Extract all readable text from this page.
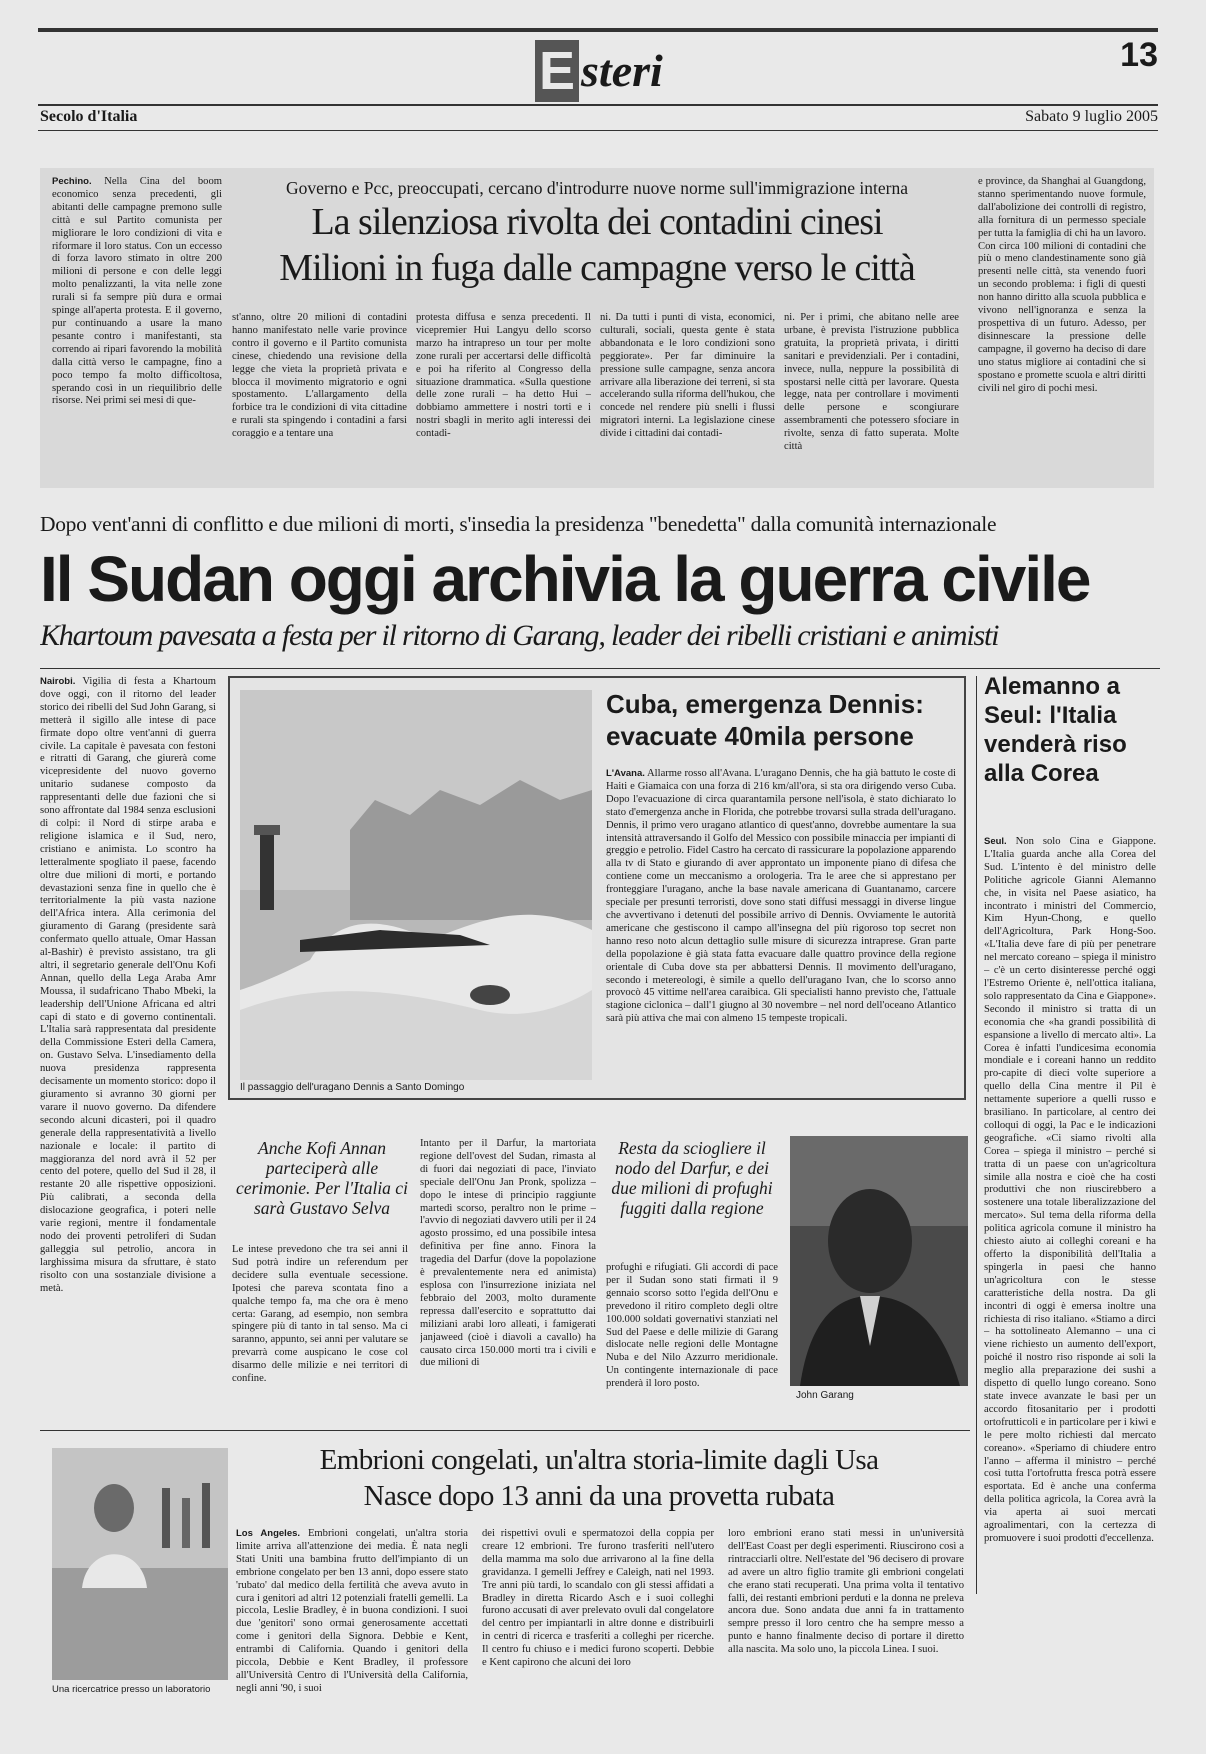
E steri	13
Secolo d'Italia	Sabato 9 luglio 2005
Pechino. Nella Cina del boom economico senza precedenti, gli abitanti delle campagne premono sulle città e sul Partito comunista per migliorare le loro condizioni di vita e riformare il loro status. Con un eccesso di forza lavoro stimato in oltre 200 milioni di persone e con delle leggi molto penalizzanti, la vita nelle zone rurali si fa sempre più dura e ormai spinge all'aperta protesta. E il governo, pur continuando a usare la mano pesante contro i manifestanti, sta correndo ai ripari favorendo la mobilità dalla città verso le campagne, fino a poco tempo fa molto difficoltosa, sperando così in un riequilibrio delle risorse. Nei primi sei mesi di que-
Governo e Pcc, preoccupati, cercano d'introdurre nuove norme sull'immigrazione interna
La silenziosa rivolta dei contadini cinesi
Milioni in fuga dalle campagne verso le città
st'anno, oltre 20 milioni di contadini hanno manifestato nelle varie province contro il governo e il Partito comunista cinese, chiedendo una revisione della legge che vieta la proprietà privata e blocca il movimento migratorio e ogni spostamento. L'allargamento della forbice tra le condizioni di vita cittadine e rurali sta spingendo i contadini a farsi coraggio e a tentare una
protesta diffusa e senza precedenti. Il vicepremier Hui Langyu dello scorso marzo ha intrapreso un tour per molte zone rurali per accertarsi delle difficoltà e poi ha riferito al Congresso della situazione drammatica. «Sulla questione delle zone rurali – ha detto Hui – dobbiamo ammettere i nostri torti e i nostri sbagli in merito agli interessi dei contadi-
ni. Da tutti i punti di vista, economici, culturali, sociali, questa gente è stata abbandonata e le loro condizioni sono peggiorate». Per far diminuire la pressione sulle campagne, senza ancora arrivare alla liberazione dei terreni, si sta accelerando sulla riforma dell'hukou, che concede nel rendere più snelli i flussi migratori interni. La legislazione cinese divide i cittadini dai contadi-
ni. Per i primi, che abitano nelle aree urbane, è prevista l'istruzione pubblica gratuita, la proprietà privata, i diritti sanitari e previdenziali. Per i contadini, invece, nulla, neppure la possibilità di spostarsi nelle città per lavorare. Questa legge, nata per controllare i movimenti delle persone e scongiurare assembramenti che potessero sfociare in rivolte, senza di fatto superata. Molte città
e province, da Shanghai al Guangdong, stanno sperimentando nuove formule, dall'abolizione dei controlli di registro, alla fornitura di un permesso speciale per tutta la famiglia di chi ha un lavoro. Con circa 100 milioni di contadini che più o meno clandestinamente sono già presenti nelle città, sta venendo fuori un secondo problema: i figli di questi non hanno diritto alla scuola pubblica e vivono nell'ignoranza e senza la prospettiva di un futuro. Adesso, per disinnescare la pressione delle campagne, il governo ha deciso di dare uno status migliore ai contadini che si spostano e promette scuola e altri diritti civili nel giro di pochi mesi.
Dopo vent'anni di conflitto e due milioni di morti, s'insedia la presidenza "benedetta" dalla comunità internazionale
Il Sudan oggi archivia la guerra civile
Khartoum pavesata a festa per il ritorno di Garang, leader dei ribelli cristiani e animisti
Nairobi. Vigilia di festa a Khartoum dove oggi, con il ritorno del leader storico dei ribelli del Sud John Garang, si metterà il sigillo alle intese di pace firmate dopo oltre vent'anni di guerra civile. La capitale è pavesata con festoni e ritratti di Garang, che giurerà come vicepresidente del nuovo governo unitario sudanese composto da rappresentanti delle due fazioni che si sono affrontate dal 1984 senza esclusioni di colpi: il Nord di stirpe araba e religione islamica e il Sud, nero, cristiano e animista. Lo scontro ha letteralmente spogliato il paese, facendo oltre due milioni di morti, e portando devastazioni senza fine in quello che è territorialmente la più vasta nazione dell'Africa intera. Alla cerimonia del giuramento di Garang (presidente sarà confermato quello attuale, Omar Hassan al-Bashir) è previsto assistano, tra gli altri, il segretario generale dell'Onu Kofi Annan, quello della Lega Araba Amr Moussa, il sudafricano Thabo Mbeki, la leadership dell'Unione Africana ed altri capi di stato e di governo continentali. L'Italia sarà rappresentata dal presidente della Commissione Esteri della Camera, on. Gustavo Selva. L'insediamento della nuova presidenza rappresenta decisamente un momento storico: dopo il giuramento si avranno 30 giorni per varare il nuovo governo. Da difendere secondo alcuni dicasteri, poi il quadro generale della rappresentatività a livello nazionale e locale: il partito di maggioranza del nord avrà il 52 per cento del potere, quello del Sud il 28, il restante 20 alle rispettive opposizioni. Più calibrati, a seconda della dislocazione geografica, i poteri nelle varie regioni, mentre il fondamentale nodo dei proventi petroliferi di Sudan galleggia sul petrolio, ancora in larghissima misura da sfruttare, è stato risolto con una sostanziale divisione a metà.
Il passaggio dell'uragano Dennis a Santo Domingo
Cuba, emergenza Dennis: evacuate 40mila persone
L'Avana. Allarme rosso all'Avana. L'uragano Dennis, che ha già battuto le coste di Haiti e Giamaica con una forza di 216 km/all'ora, si sta ora dirigendo verso Cuba. Dopo l'evacuazione di circa quarantamila persone nell'isola, è stato dichiarato lo stato d'emergenza anche in Florida, che potrebbe trovarsi sulla strada dell'uragano. Dennis, il primo vero uragano atlantico di quest'anno, dovrebbe aumentare la sua intensità attraversando il Golfo del Messico con possibile minaccia per impianti di greggio e petrolio. Fidel Castro ha cercato di rassicurare la popolazione apparendo alla tv di Stato e giurando di aver approntato un imponente piano di difesa che contiene come un meccanismo a orologeria. Tra le aree che si apprestano per fronteggiare l'uragano, anche la base navale americana di Guantanamo, carcere speciale per presunti terroristi, dove sono stati diffusi messaggi in diverse lingue che avvertivano i detenuti del possibile arrivo di Dennis. Ovviamente le autorità americane che gestiscono il campo all'insegna del più rigoroso top secret non hanno reso noto alcun dettaglio sulle misure di sicurezza intraprese. Gran parte della popolazione è già stata fatta evacuare dalle quattro province della regione orientale di Cuba dove sta per abbattersi Dennis. Il movimento dell'uragano, secondo i metereologi, è simile a quello dell'uragano Ivan, che lo scorso anno provocò 45 vittime nell'area caraibica. Gli specialisti hanno previsto che, l'attuale stagione ciclonica – dall'1 giugno al 30 novembre – nel nord dell'oceano Atlantico sarà più attiva che mai con almeno 15 tempeste tropicali.
Alemanno a Seul: l'Italia venderà riso alla Corea
Seul. Non solo Cina e Giappone. L'Italia guarda anche alla Corea del Sud. L'intento è del ministro delle Politiche agricole Gianni Alemanno che, in visita nel Paese asiatico, ha incontrato i ministri del Commercio, Kim Hyun-Chong, e quello dell'Agricoltura, Park Hong-Soo. «L'Italia deve fare di più per penetrare nel mercato coreano – spiega il ministro – c'è un certo disinteresse perché oggi l'Estremo Oriente è, nell'ottica italiana, solo rappresentato da Cina e Giappone». Secondo il ministro si tratta di un economia che «ha grandi possibilità di espansione a livello di mercato alti». La Corea è infatti l'undicesima economia mondiale e i coreani hanno un reddito pro-capite di dieci volte superiore a quello della Cina mentre il Pil è nettamente superiore a quelli russo e brasiliano. In particolare, al centro dei colloqui di oggi, la Pac e le indicazioni geografiche. «Ci siamo rivolti alla Corea – spiega il ministro – perché si tratta di un paese con un'agricoltura simile alla nostra e cioè che ha costi produttivi che non riuscirebbero a sostenere una totale liberalizzazione del mercato». Sul tema della riforma della politica agricola comune il ministro ha chiesto aiuto ai colleghi coreani e ha offerto la disponibilità dell'Italia a spingerla in paesi che hanno un'agricoltura con le stesse caratteristiche della nostra. Da gli incontri di oggi è emersa inoltre una richiesta di riso italiano. «Stiamo a dirci – ha sottolineato Alemanno – una ci viene richiesto un aumento dell'export, poiché il nostro riso risponde ai soli la meglio alla preparazione dei sushi a dispetto di quello lungo coreano. Sono state invece avanzate le basi per un accordo fitosanitario per i prodotti ortofrutticoli e in particolare per i kiwi e le pere molto richiesti dal mercato coreano». «Speriamo di chiudere entro l'anno – afferma il ministro – perché così tutta l'ortofrutta fresca potrà essere esportata. Ed è anche una conferma della politica agricola, la Corea avrà la via aperta ai suoi mercati agroalimentari, con la certezza di promuovere i suoi prodotti d'eccellenza.
Anche Kofi Annan parteciperà alle cerimonie. Per l'Italia ci sarà Gustavo Selva
Le intese prevedono che tra sei anni il Sud potrà indire un referendum per decidere sulla eventuale secessione. Ipotesi che pareva scontata fino a qualche tempo fa, ma che ora è meno certa: Garang, ad esempio, non sembra spingere più di tanto in tal senso. Ma ci saranno, appunto, sei anni per valutare se prevarrà come auspicano le cose col disarmo delle milizie e nei territori di confine.
Intanto per il Darfur, la martoriata regione dell'ovest del Sudan, rimasta al di fuori dai negoziati di pace, l'inviato speciale dell'Onu Jan Pronk, spolizza – dopo le intese di principio raggiunte martedì scorso, peraltro non le prime – l'avvio di negoziati davvero utili per il 24 agosto prossimo, ed una possibile intesa definitiva per fine anno. Finora la tragedia del Darfur (dove la popolazione è prevalentemente nera ed animista) esplosa con l'insurrezione iniziata nel febbraio del 2003, molto duramente repressa dall'esercito e soprattutto dai miliziani arabi loro alleati, i famigerati janjaweed (cioè i diavoli a cavallo) ha causato circa 150.000 morti tra i civili e due milioni di
Resta da sciogliere il nodo del Darfur, e dei due milioni di profughi fuggiti dalla regione
profughi e rifugiati. Gli accordi di pace per il Sudan sono stati firmati il 9 gennaio scorso sotto l'egida dell'Onu e prevedono il ritiro completo degli oltre 100.000 soldati governativi stanziati nel Sud del Paese e delle milizie di Garang dislocate nelle regioni delle Montagne Nuba e del Nilo Azzurro meridionale. Un contingente internazionale di pace prenderà il loro posto.
John Garang
Una ricercatrice presso un laboratorio
Embrioni congelati, un'altra storia-limite dagli Usa
Nasce dopo 13 anni da una provetta rubata
Los Angeles. Embrioni congelati, un'altra storia limite arriva all'attenzione dei media. È nata negli Stati Uniti una bambina frutto dell'impianto di un embrione congelato per ben 13 anni, dopo essere stato 'rubato' dal medico della fertilità che aveva avuto in cura i genitori ad altri 12 potenziali fratelli gemelli. La piccola, Leslie Bradley, è in buona condizioni. I suoi due 'genitori' sono ormai generosamente accettati come i genitori della Signora. Debbie e Kent, entrambi di California. Quando i genitori della piccola, Debbie e Kent Bradley, il professore all'Università Centro di l'Università della California, negli anni '90, i suoi
dei rispettivi ovuli e spermatozoi della coppia per creare 12 embrioni. Tre furono trasferiti nell'utero della mamma ma solo due arrivarono al la fine della gravidanza. I gemelli Jeffrey e Caleigh, nati nel 1993. Tre anni più tardi, lo scandalo con gli stessi affidati a Bradley in diretta Ricardo Asch e i suoi colleghi furono accusati di aver prelevato ovuli dal congelatore del centro per impiantarli in altre donne e distribuirli in centri di ricerca e trasferiti a colleghi per ricerche. Il centro fu chiuso e i medici furono scoperti. Debbie e Kent capirono che alcuni dei loro
loro embrioni erano stati messi in un'università dell'East Coast per degli esperimenti. Riuscirono così a rintracciarli oltre. Nell'estate del '96 decisero di provare ad avere un altro figlio tramite gli embrioni congelati che erano stati recuperati. Una prima volta il tentativo fallì, dei restanti embrioni perduti e la donna ne preleva ancora due. Sono andata due anni fa in trattamento sempre presso il loro centro che ha sempre messo a punto e hanno finalmente deciso di portare il diretto alla nascita. Ma solo uno, la piccola Linea. I suoi.
